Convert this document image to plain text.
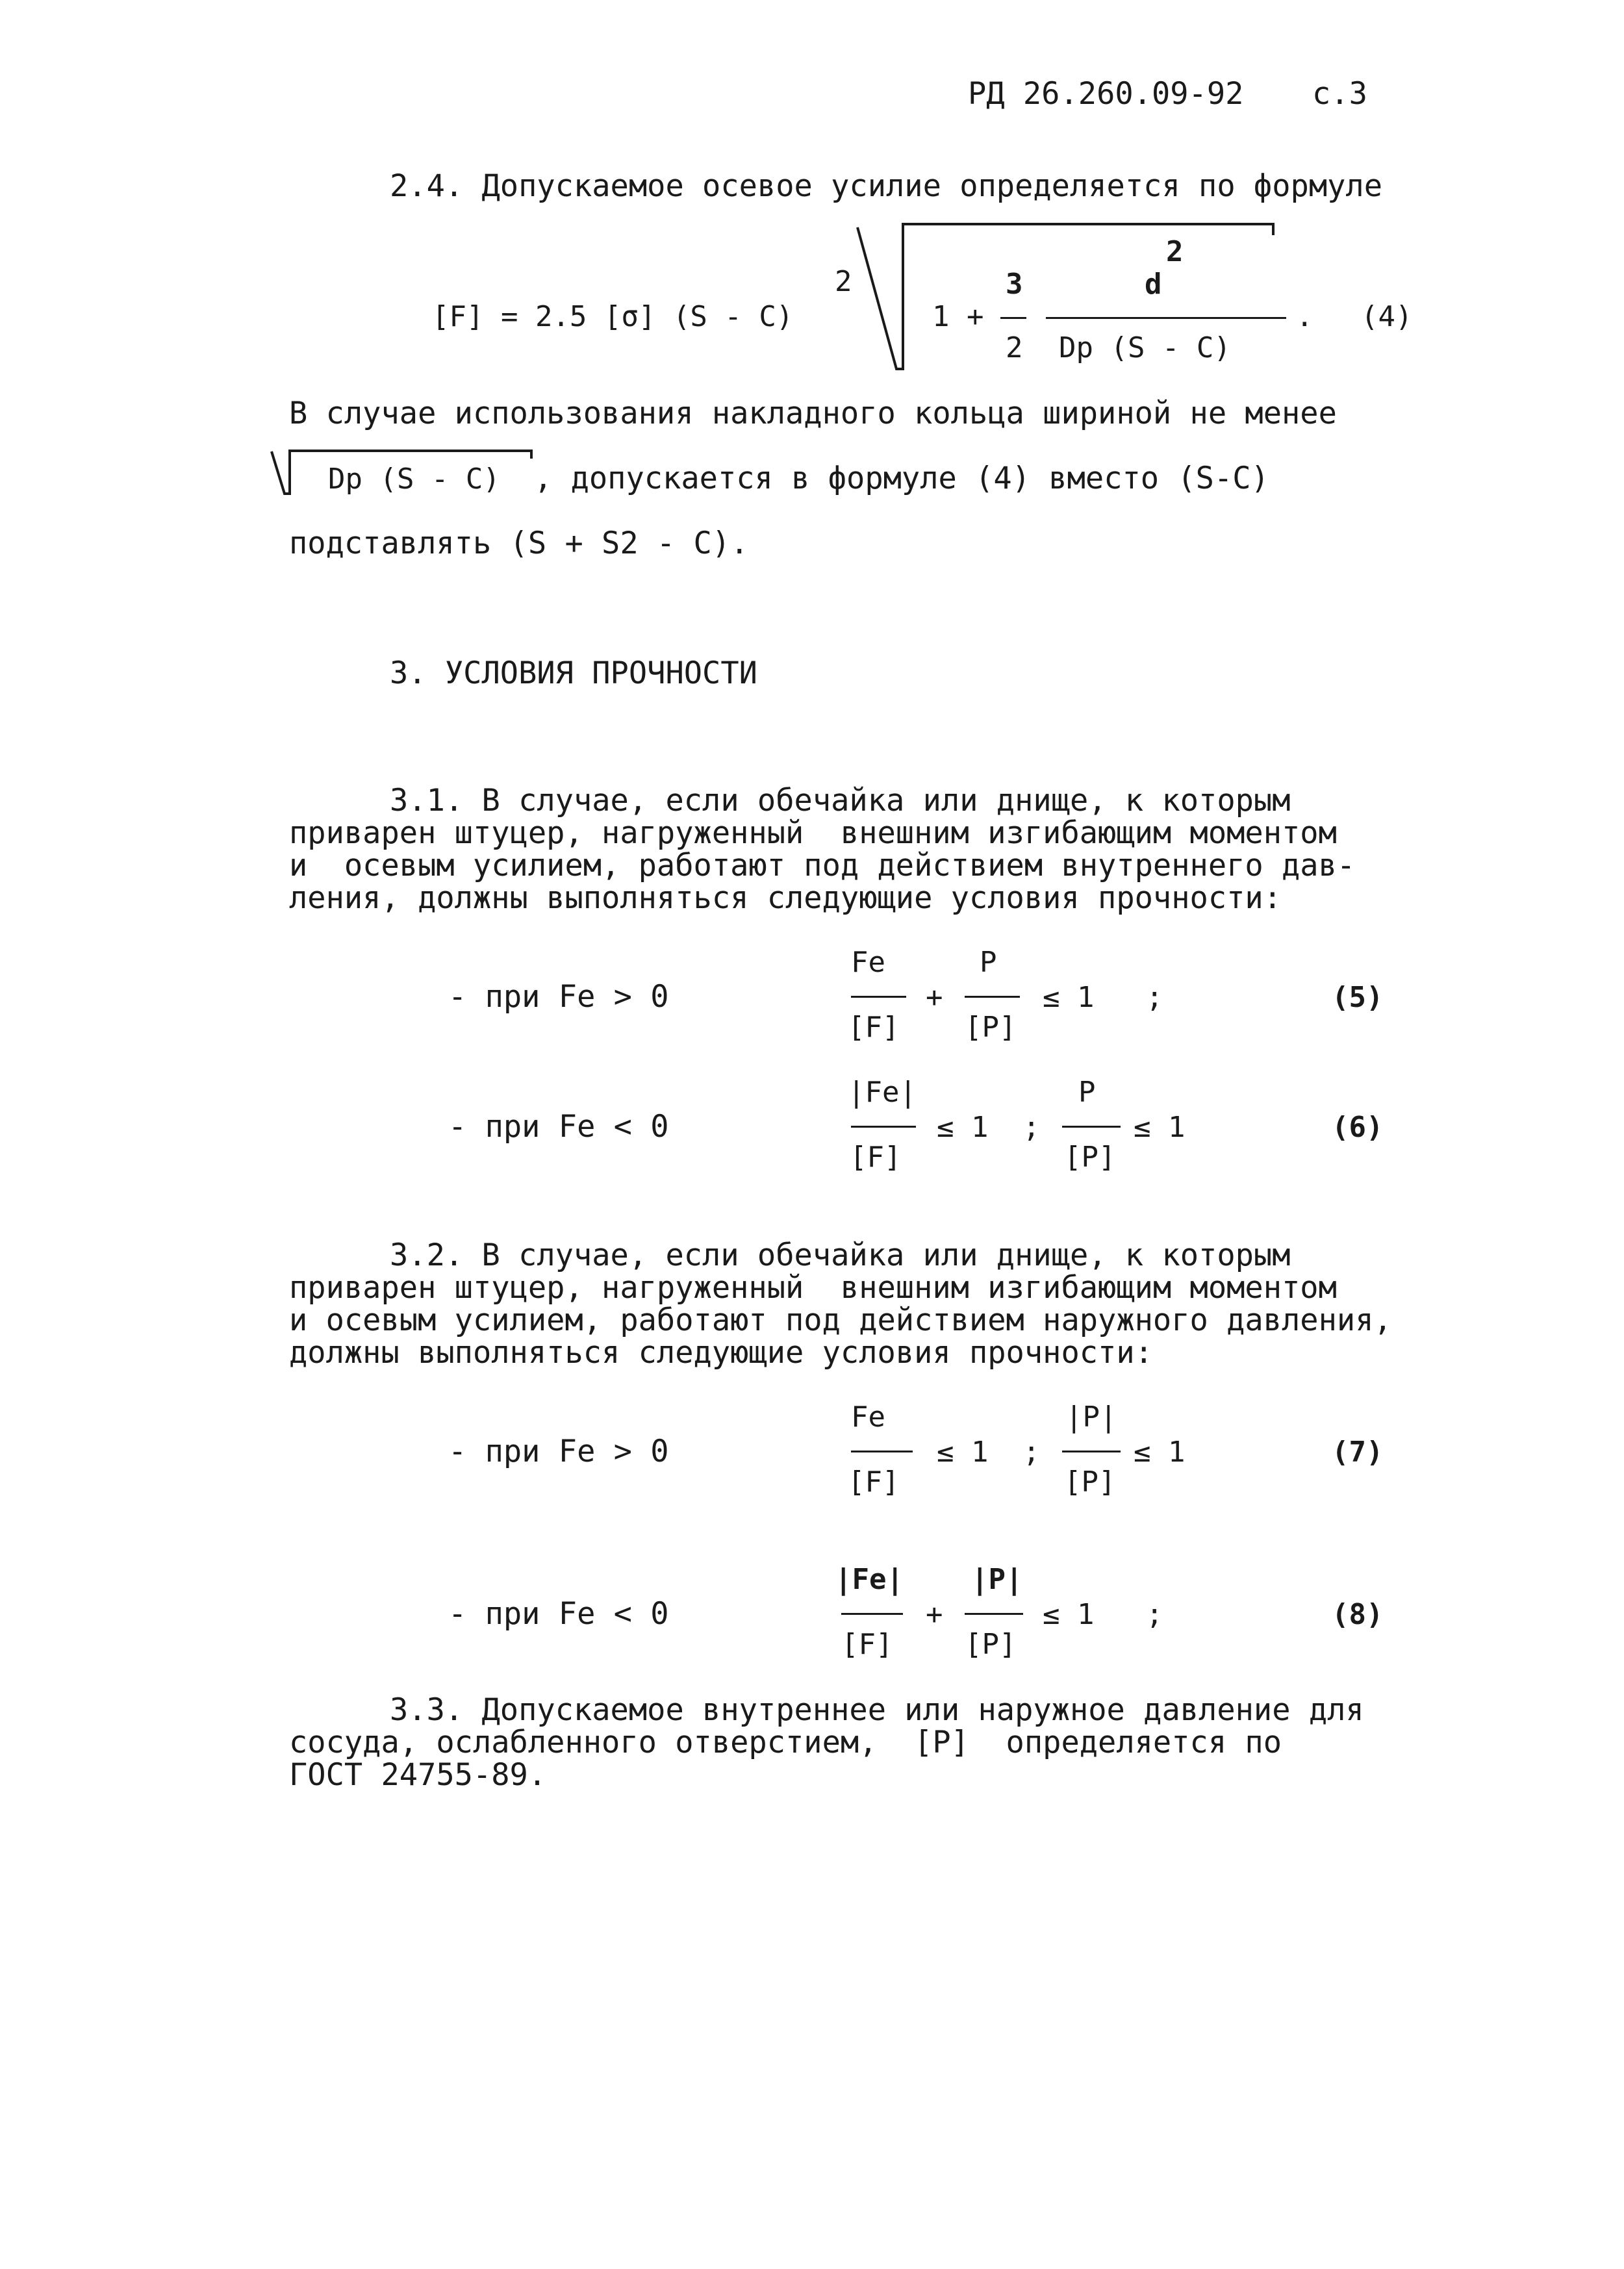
РД 26.260.09-92 с.3
2.4. Допускаемое осевое усилие определяется по формуле
[F] = 2.5 [σ] (S - C)
2
1 +
3
2
2
d
Dp (S - C)
. (4)
В случае использования накладного кольца шириной не менее
Dp (S - C) , допускается в формуле (4) вместо (S-C)
подставлять (S + S2 - C).
3. УСЛОВИЯ ПРОЧНОСТИ
3.1. В случае, если обечайка или днище, к которым
приварен штуцер, нагруженный  внешним изгибающим моментом
и  осевым усилием, работают под действием внутреннего дав-
ления, должны выполняться следующие условия прочности:
- при Fe > 0
Fe
[F]
+
P
[P]
≤ 1   ;	(5)
- при Fe < 0
|Fe|
[F]
≤ 1  ;
P
[P]
≤ 1	(6)
3.2. В случае, если обечайка или днище, к которым
приварен штуцер, нагруженный  внешним изгибающим моментом
и осевым усилием, работают под действием наружного давления,
должны выполняться следующие условия прочности:
- при Fe > 0
Fe
[F]
≤ 1  ;
|P|
[P]
≤ 1	(7)
- при Fe < 0
|Fe|
[F]
+
|P|
[P]
≤ 1   ;	(8)
3.3. Допускаемое внутреннее или наружное давление для
сосуда, ослабленного отверстием,  [P]  определяется по
ГОСТ 24755-89.
